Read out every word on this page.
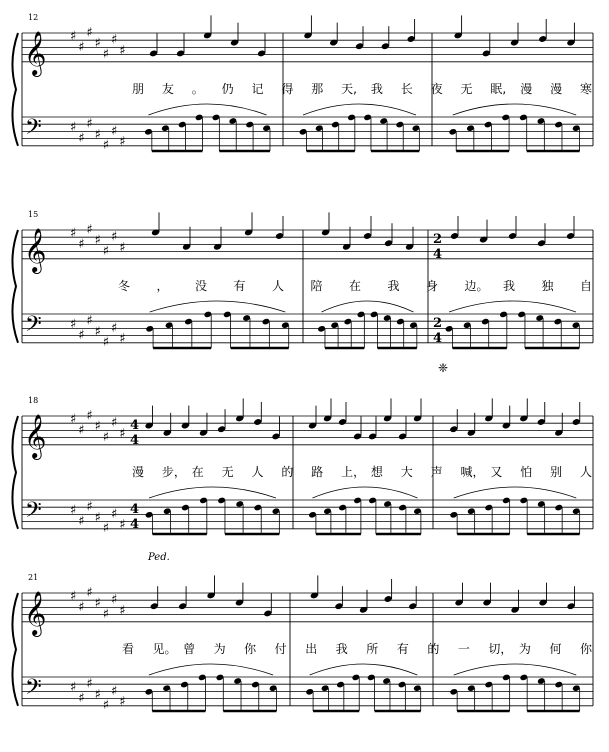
12
𝄞 ♯
♯
♯
♯
♯
♯
♯
𝄢 ♯
♯
♯
♯
♯
♯
♯
朋 友 。 仍 记 得 那 天, 我 长 夜 无 眠, 漫 漫 寒
15
𝄞 ♯
♯
♯
♯
♯
♯
♯
𝄢 ♯
♯
♯
♯
♯
♯
♯
2
4
2
4
冬 ， 没 有 人 陪 在 我 身 边。 我 独 自
❈
18
𝄞 ♯
♯
♯
♯
♯
♯
♯
𝄢 ♯
♯
♯
♯
♯
♯
♯
4
4
4
4
漫 步， 在 无 人 的 路 上， 想 大 声 喊， 又 怕 别 人
Ped.
21
𝄞 ♯
♯
♯
♯
♯
♯
♯
𝄢 ♯
♯
♯
♯
♯
♯
♯
看 见。 曾 为 你 付 出 我 所 有 的 一 切， 为 何 你
